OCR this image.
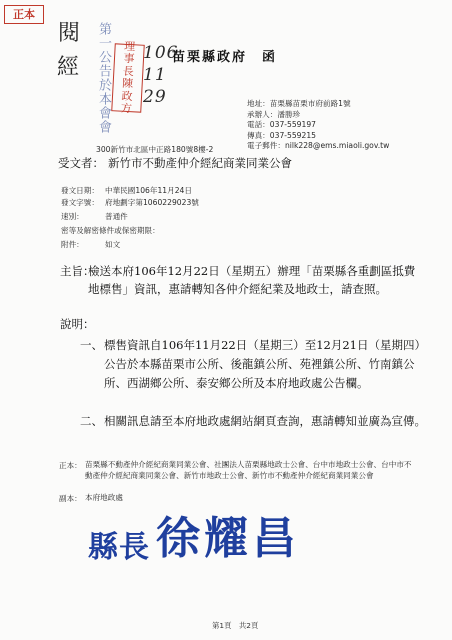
正本
閱
經	第一公告於本會會 理
事
長
陳
政
方
106 11 29
苗栗縣政府　函
地址：苗栗縣苗栗市府前路1號
承辦人：潘勝珍
電話：037-559197
傳真：037-559215
電子郵件：nilk228@ems.miaoli.gov.tw
300新竹市北區中正路180號8樓-2
受文者： 新竹市不動產仲介經紀商業同業公會
發文日期： 中華民國106年11月24日
發文字號： 府地劃字第1060229023號
速別：	普通件
密等及解密條件或保密期限：
附件：	如文
主旨：
檢送本府106年12月22日（星期五）辦理「苗栗縣各重劃區抵費地標售」資訊，惠請轉知各仲介經紀業及地政士，請查照。
說明：
一、 標售資訊自106年11月22日（星期三）至12月21日（星期四）公告於本縣苗栗市公所、後龍鎮公所、苑裡鎮公所、竹南鎮公所、西湖鄉公所、泰安鄉公所及本府地政處公告欄。
二、 相關訊息請至本府地政處網站網頁查詢，惠請轉知並廣為宣傳。
正本： 苗栗縣不動產仲介經紀商業同業公會、社團法人苗栗縣地政士公會、台中市地政士公會、台中市不動產仲介經紀商業同業公會、新竹市地政士公會、新竹市不動產仲介經紀商業同業公會
副本： 本府地政處
縣長 徐耀昌
第1頁　共2頁
